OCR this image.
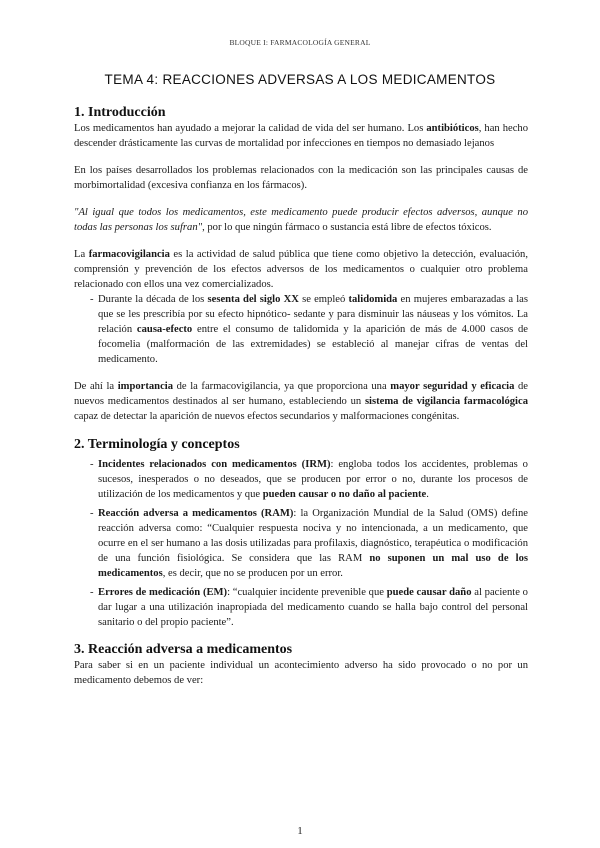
BLOQUE I: FARMACOLOGÍA GENERAL
TEMA 4: REACCIONES ADVERSAS A LOS MEDICAMENTOS
1. Introducción

Los medicamentos han ayudado a mejorar la calidad de vida del ser humano. Los antibióticos, han hecho descender drásticamente las curvas de mortalidad por infecciones en tiempos no demasiado lejanos

En los países desarrollados los problemas relacionados con la medicación son las principales causas de morbimortalidad (excesiva confianza en los fármacos).

"Al igual que todos los medicamentos, este medicamento puede producir efectos adversos, aunque no todas las personas los sufran", por lo que ningún fármaco o sustancia está libre de efectos tóxicos.

La farmacovigilancia es la actividad de salud pública que tiene como objetivo la detección, evaluación, comprensión y prevención de los efectos adversos de los medicamentos o cualquier otro problema relacionado con ellos una vez comercializados.

- Durante la década de los sesenta del siglo XX se empleó talidomida en mujeres embarazadas a las que se les prescribía por su efecto hipnótico- sedante y para disminuir las náuseas y los vómitos. La relación causa-efecto entre el consumo de talidomida y la aparición de más de 4.000 casos de focomelia (malformación de las extremidades) se estableció al manejar cifras de ventas del medicamento.

De ahí la importancia de la farmacovigilancia, ya que proporciona una mayor seguridad y eficacia de nuevos medicamentos destinados al ser humano, estableciendo un sistema de vigilancia farmacológica capaz de detectar la aparición de nuevos efectos secundarios y malformaciones congénitas.

2. Terminología y conceptos
- Incidentes relacionados con medicamentos (IRM): engloba todos los accidentes, problemas o sucesos, inesperados o no deseados, que se producen por error o no, durante los procesos de utilización de los medicamentos y que pueden causar o no daño al paciente.
- Reacción adversa a medicamentos (RAM): la Organización Mundial de la Salud (OMS) define reacción adversa como: “Cualquier respuesta nociva y no intencionada, a un medicamento, que ocurre en el ser humano a las dosis utilizadas para profilaxis, diagnóstico, terapéutica o modificación de una función fisiológica. Se considera que las RAM no suponen un mal uso de los medicamentos, es decir, que no se producen por un error.
- Errores de medicación (EM): “cualquier incidente prevenible que puede causar daño al paciente o dar lugar a una utilización inapropiada del medicamento cuando se halla bajo control del personal sanitario o del propio paciente”.
3. Reacción adversa a medicamentos

Para saber si en un paciente individual un acontecimiento adverso ha sido provocado o no por un medicamento debemos de ver:

1
